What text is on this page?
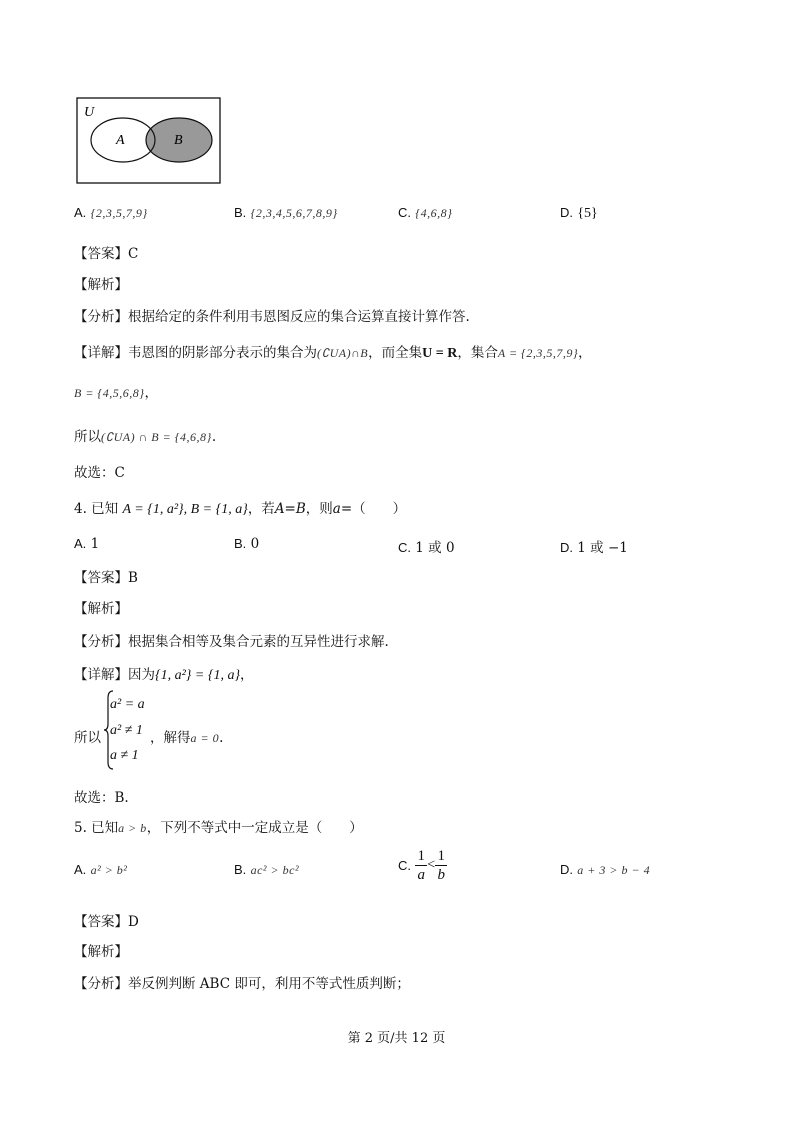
U
A	B
A. {2,3,5,7,9}	B. {2,3,4,5,6,7,8,9}	C. {4,6,8}	D. {5}
【答案】C
【解析】
【分析】根据给定的条件利用韦恩图反应的集合运算直接计算作答.
【详解】韦恩图的阴影部分表示的集合为(∁UA)∩B，而全集U = R，集合A = {2,3,5,7,9}，
B = {4,5,6,8}，
所以(∁UA) ∩ B = {4,6,8}.
故选：C
4. 已知 A = {1, a²}, B = {1, a}，若A=B，则a=（　　）
A. 1	B. 0	C. 1 或 0	D. 1 或 −1
【答案】B
【解析】
【分析】根据集合相等及集合元素的互异性进行求解.
【详解】因为{1, a²} = {1, a}，
所以
a² = a
a² ≠ 1
a ≠ 1
，解得a = 0.
故选：B.
5. 已知a > b，下列不等式中一定成立是（　　）
A. a² > b²	B. ac² > bc²	C. $\frac{1}{a} < \frac{1}{b}$	D. a + 3 > b − 4
【答案】D
【解析】
【分析】举反例判断 ABC 即可，利用不等式性质判断；
第 2 页/共 12 页
